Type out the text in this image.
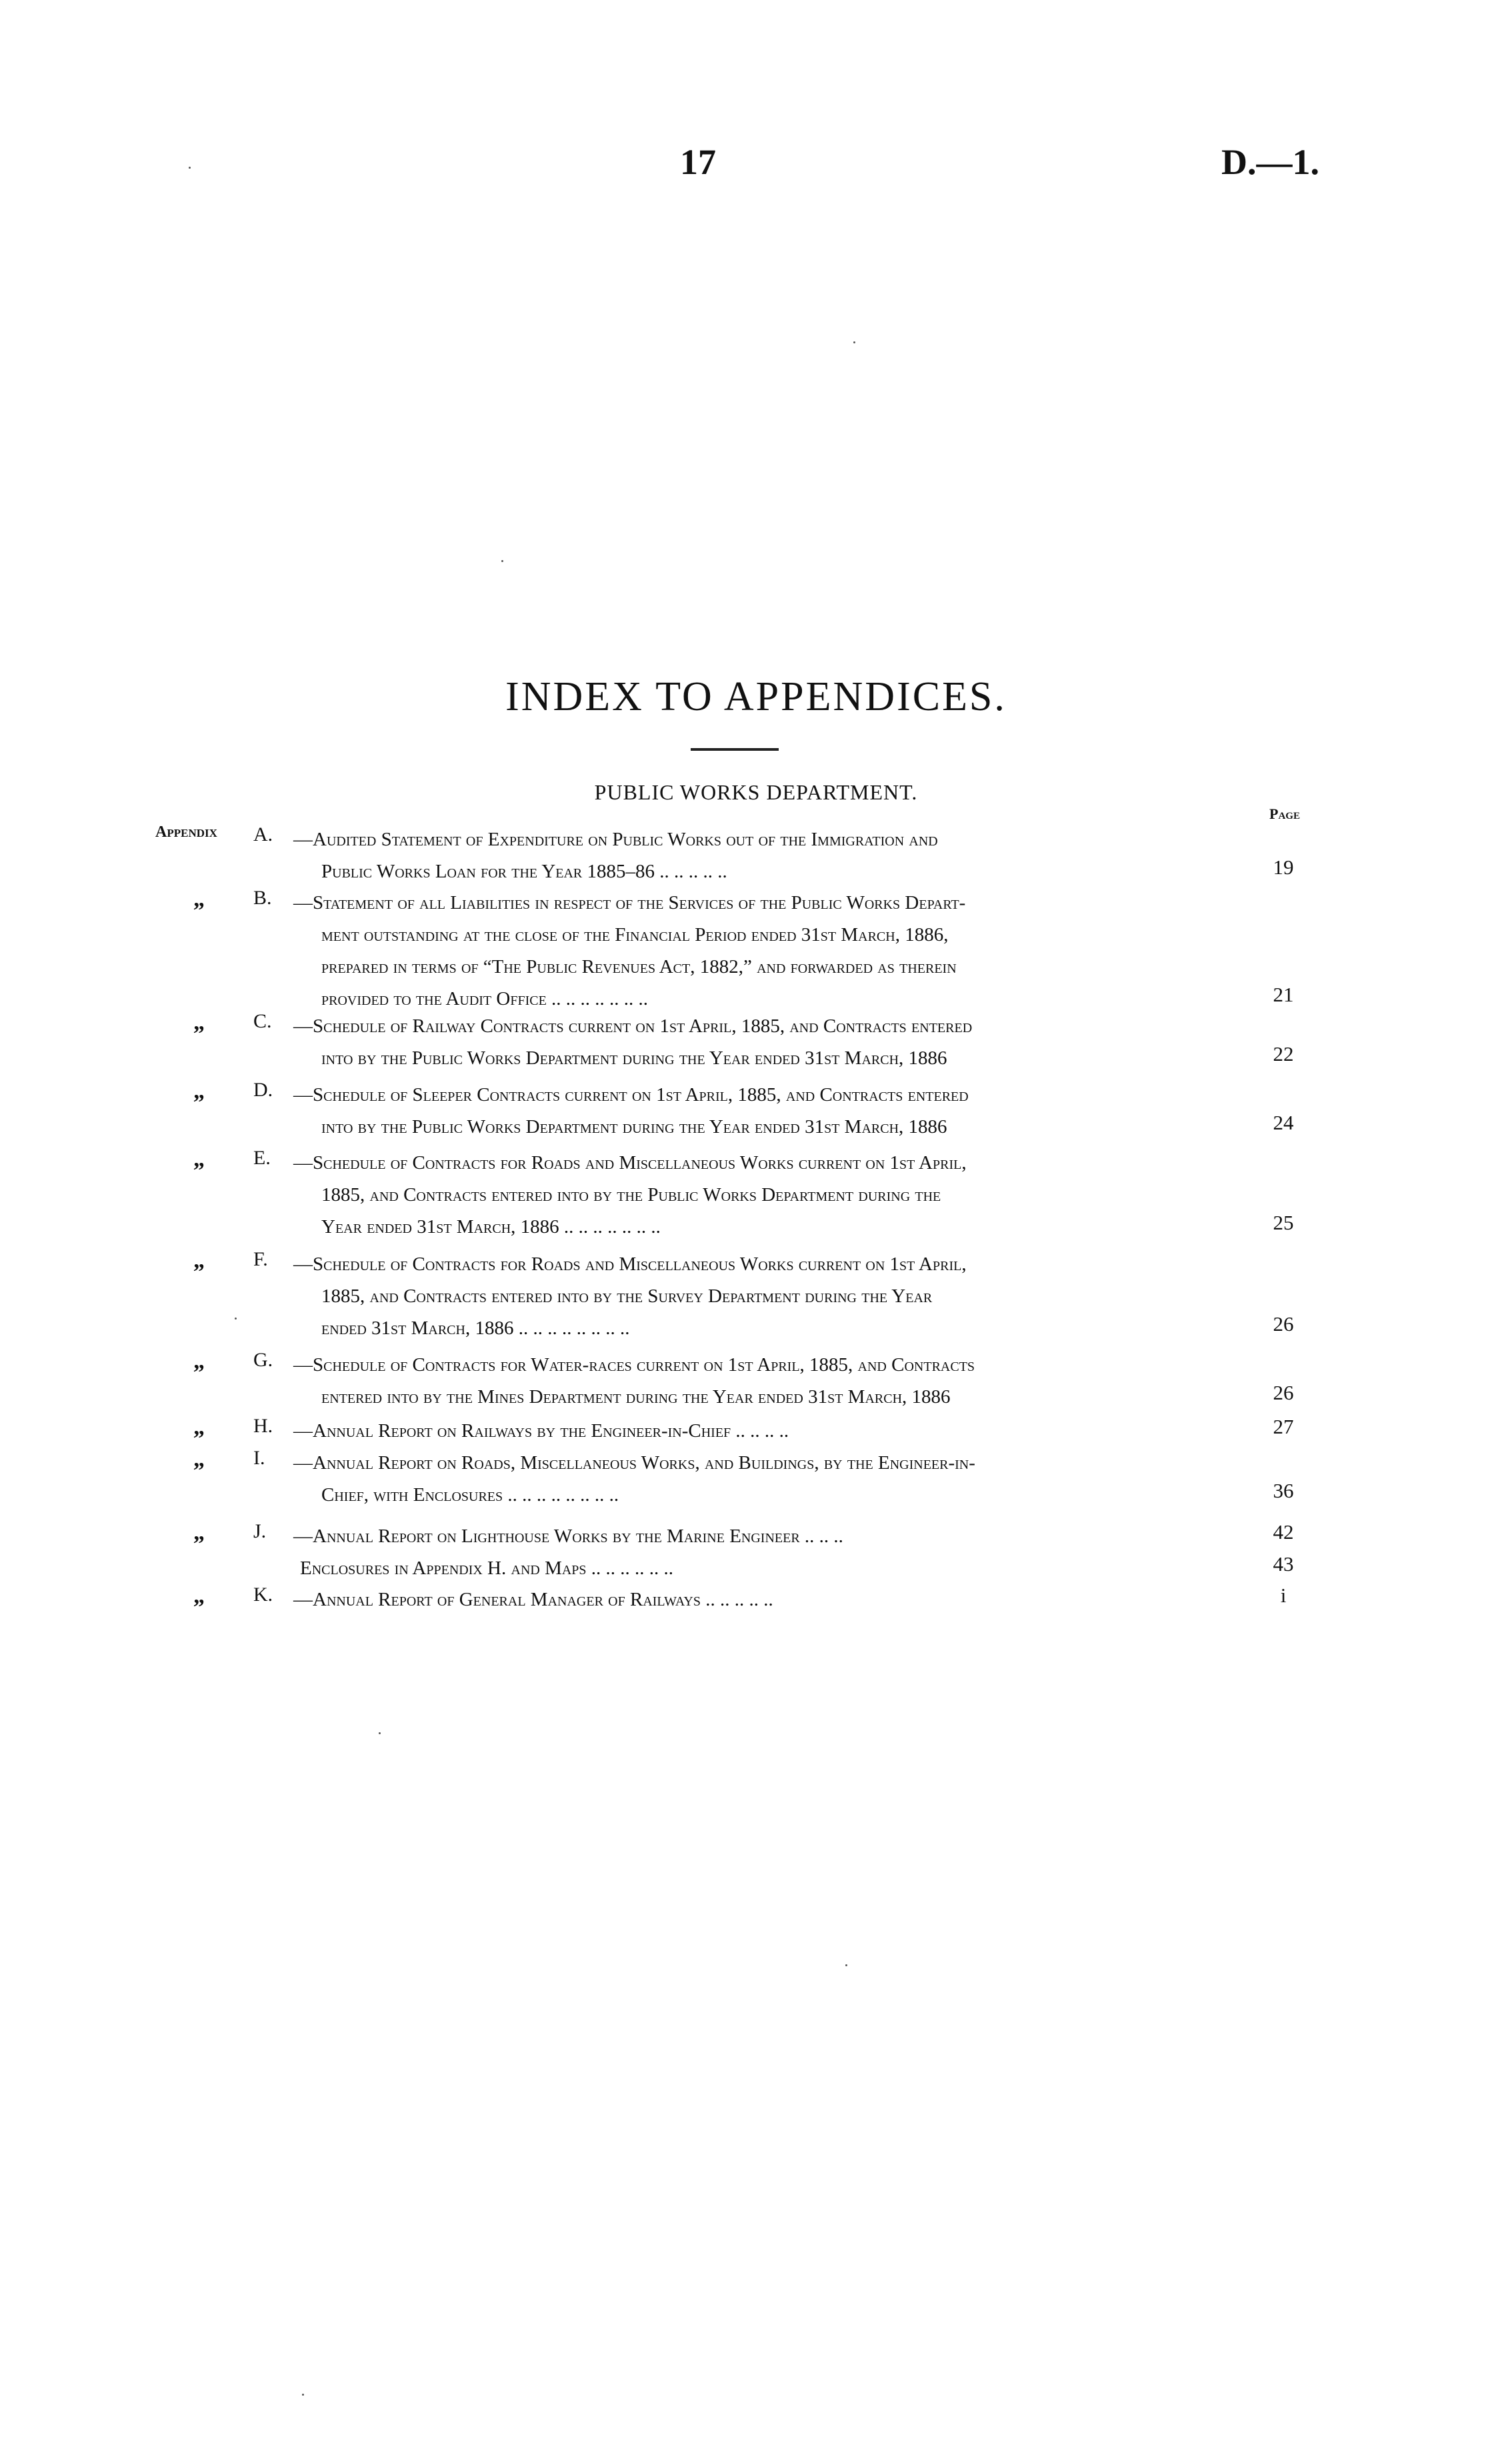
17	D.—1.
INDEX TO APPENDICES.
PUBLIC WORKS DEPARTMENT.
Page
Appendix A.	—Audited Statement of Expenditure on Public Works out of the Immigration and
Public Works Loan for the Year 1885–86 .. .. .. .. ..	19
„ B.	—Statement of all Liabilities in respect of the Services of the Public Works Depart-
ment outstanding at the close of the Financial Period ended 31st March, 1886,
prepared in terms of “The Public Revenues Act, 1882,” and forwarded as therein
provided to the Audit Office .. .. .. .. .. .. ..	21
„ C.	—Schedule of Railway Contracts current on 1st April, 1885, and Contracts entered
into by the Public Works Department during the Year ended 31st March, 1886	22
„ D.	—Schedule of Sleeper Contracts current on 1st April, 1885, and Contracts entered
into by the Public Works Department during the Year ended 31st March, 1886	24
„ E.	—Schedule of Contracts for Roads and Miscellaneous Works current on 1st April,
1885, and Contracts entered into by the Public Works Department during the
Year ended 31st March, 1886 .. .. .. .. .. .. ..	25
„ F.	—Schedule of Contracts for Roads and Miscellaneous Works current on 1st April,
1885, and Contracts entered into by the Survey Department during the Year
ended 31st March, 1886 .. .. .. .. .. .. .. ..	26
„ G.	—Schedule of Contracts for Water-races current on 1st April, 1885, and Contracts
entered into by the Mines Department during the Year ended 31st March, 1886	26
„ H.	—Annual Report on Railways by the Engineer-in-Chief .. .. .. ..	27
„ I.	—Annual Report on Roads, Miscellaneous Works, and Buildings, by the Engineer-in-
Chief, with Enclosures .. .. .. .. .. .. .. ..	36
„ J.	—Annual Report on Lighthouse Works by the Marine Engineer .. .. ..	42
Enclosures in Appendix H. and Maps .. .. .. .. .. ..	43
„ K.	—Annual Report of General Manager of Railways .. .. .. .. ..	i
